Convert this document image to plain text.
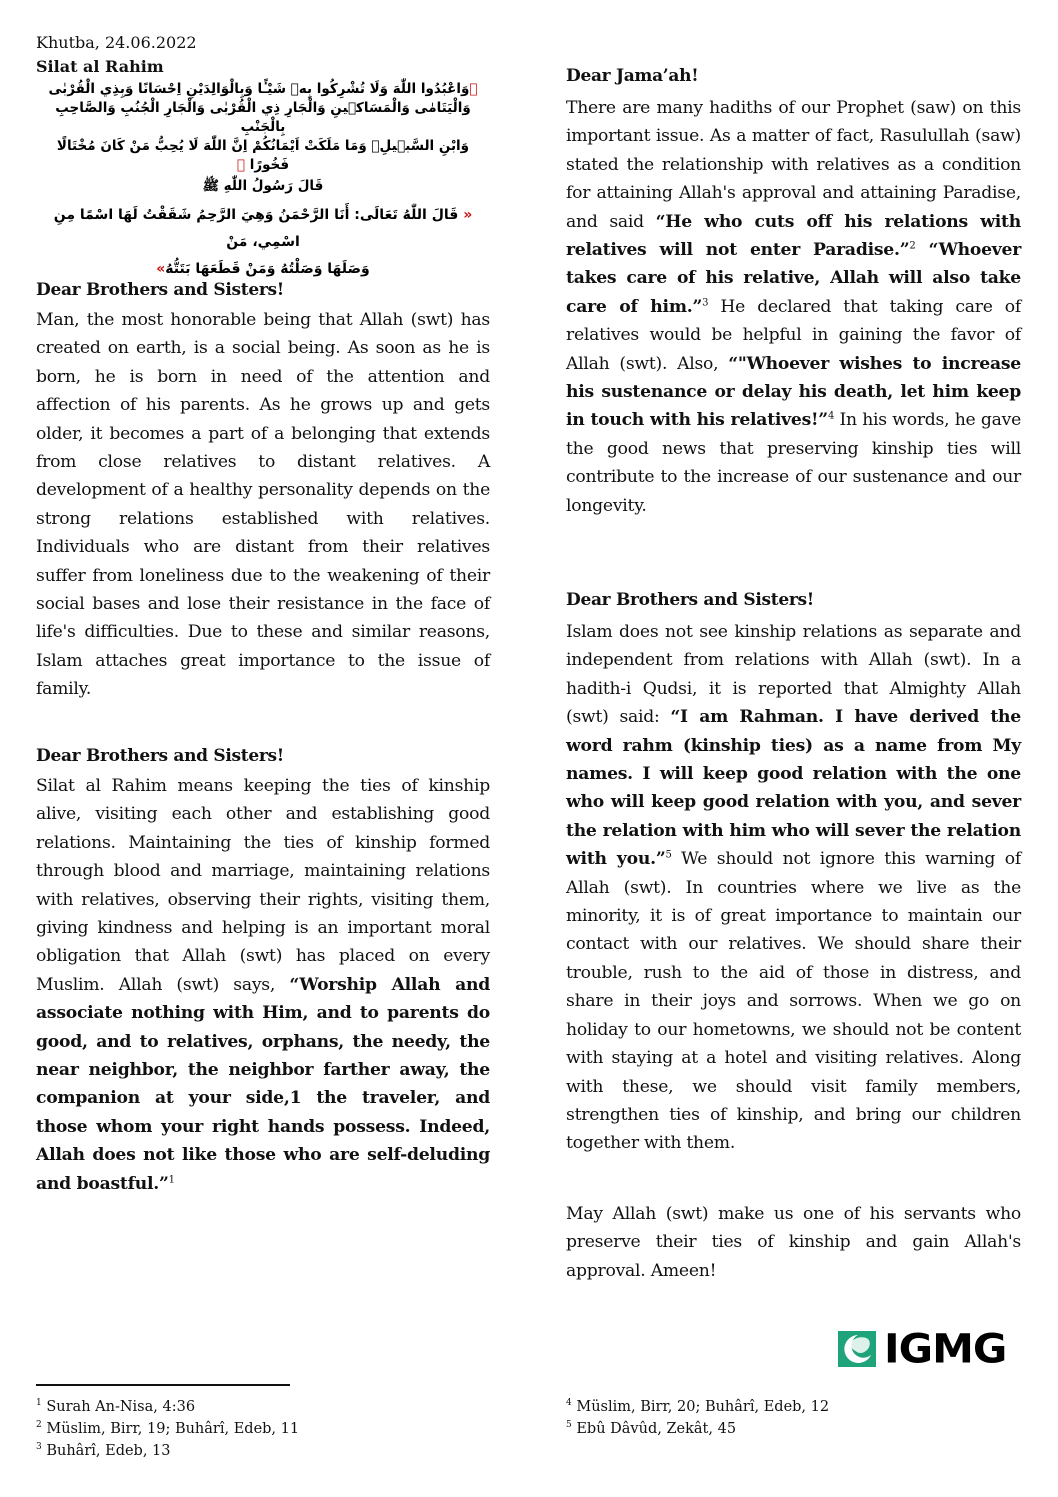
Khutba, 24.06.2022
Silat al Rahim
﴿وَاعْبُدُوا اللّٰهَ وَلَا تُشْرِكُوا بِهٖ شَيْـًٔا وَبِالْوَالِدَيْنِ اِحْسَانًا وَبِذِي الْقُرْبٰى
وَالْيَتَامٰى وَالْمَسَاك۪ينِ وَالْجَارِ ذِي الْقُرْبٰى وَالْجَارِ الْجُنُبِ وَالصَّاحِبِ بِالْجَنْبِ
وَابْنِ السَّب۪يلِۙ وَمَا مَلَكَتْ اَيْمَانُكُمْ اِنَّ اللّٰهَ لَا يُحِبُّ مَنْ كَانَ مُخْتَالًا فَخُورًا ﴾
قَالَ رَسُولُ اللّٰهِ ﷺ
« قَالَ اللّٰهُ تَعَالَى: أَنَا الرَّحْمَنُ وَهِيَ الرَّحِمُ شَقَقْتُ لَهَا اسْمًا مِنِ اسْمِي، مَنْ
وَصَلَهَا وَصَلْتُهُ وَمَنْ قَطَعَهَا بَتَتُّهُ»
Dear Brothers and Sisters!

Man, the most honorable being that Allah (swt) has created on earth, is a social being. As soon as he is born, he is born in need of the attention and affection of his parents. As he grows up and gets older, it becomes a part of a belonging that extends from close relatives to distant relatives. A development of a healthy personality depends on the strong relations established with relatives. Individuals who are distant from their relatives suffer from loneliness due to the weakening of their social bases and lose their resistance in the face of life's difficulties. Due to these and similar reasons, Islam attaches great importance to the issue of family.

Dear Brothers and Sisters!

Silat al Rahim means keeping the ties of kinship alive, visiting each other and establishing good relations. Maintaining the ties of kinship formed through blood and marriage, maintaining relations with relatives, observing their rights, visiting them, giving kindness and helping is an important moral obligation that Allah (swt) has placed on every Muslim. Allah (swt) says, “Worship Allah and associate nothing with Him, and to parents do good, and to relatives, orphans, the needy, the near neighbor, the neighbor farther away, the companion at your side,1 the traveler, and those whom your right hands possess. Indeed, Allah does not like those who are self-deluding and boastful.”$^1$

Dear Jama’ah!

There are many hadiths of our Prophet (saw) on this important issue. As a matter of fact, Rasulullah (saw) stated the relationship with relatives as a condition for attaining Allah's approval and attaining Paradise, and said “He who cuts off his relations with relatives will not enter Paradise.”$^2$ “Whoever takes care of his relative, Allah will also take care of him.”$^3$ He declared that taking care of relatives would be helpful in gaining the favor of Allah (swt). Also, “"Whoever wishes to increase his sustenance or delay his death, let him keep in touch with his relatives!”$^4$ In his words, he gave the good news that preserving kinship ties will contribute to the increase of our sustenance and our longevity.

Dear Brothers and Sisters!

Islam does not see kinship relations as separate and independent from relations with Allah (swt). In a hadith-i Qudsi, it is reported that Almighty Allah (swt) said: “I am Rahman. I have derived the word rahm (kinship ties) as a name from My names. I will keep good relation with the one who will keep good relation with you, and sever the relation with him who will sever the relation with you.”$^5$ We should not ignore this warning of Allah (swt). In countries where we live as the minority, it is of great importance to maintain our contact with our relatives. We should share their trouble, rush to the aid of those in distress, and share in their joys and sorrows. When we go on holiday to our hometowns, we should not be content with staying at a hotel and visiting relatives. Along with these, we should visit family members, strengthen ties of kinship, and bring our children together with them.

May Allah (swt) make us one of his servants who preserve their ties of kinship and gain Allah's approval. Ameen!

IGMG
$^1$ Surah An-Nisa, 4:36
$^2$ Müslim, Birr, 19; Buhârî, Edeb, 11
$^3$ Buhârî, Edeb, 13
$^4$ Müslim, Birr, 20; Buhârî, Edeb, 12
$^5$ Ebû Dâvûd, Zekât, 45
